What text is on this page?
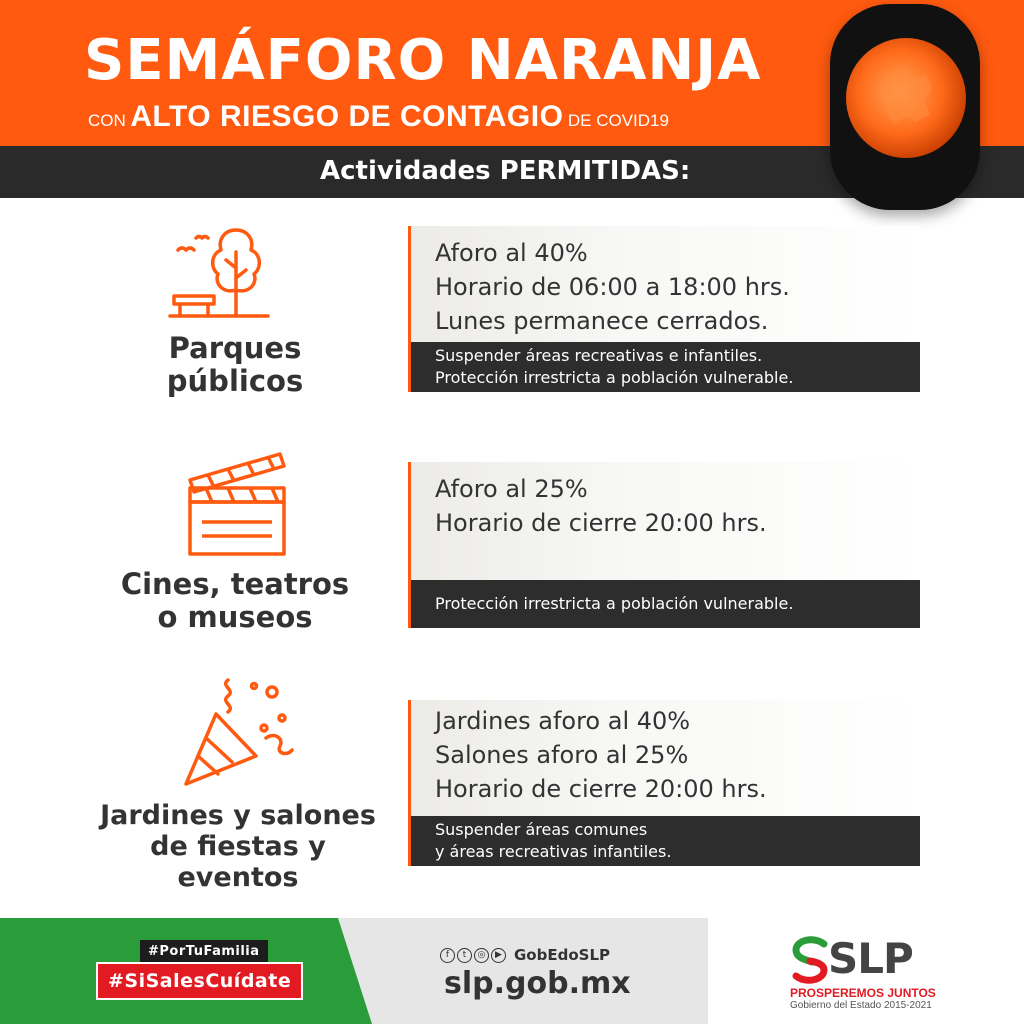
SEMÁFORO NARANJA
CON ALTO RIESGO DE CONTAGIO DE COVID19
Actividades PERMITIDAS:
Parques
públicos
Aforo al 40%
Horario de 06:00 a 18:00 hrs.
Lunes permanece cerrados.
Suspender áreas recreativas e infantiles.
Protección irrestricta a población vulnerable.
Cines, teatros
o museos
Aforo al 25%
Horario de cierre 20:00 hrs.
Protección irrestricta a población vulnerable.
Jardines y salones
de fiestas y eventos
Jardines aforo al 40%
Salones aforo al 25%
Horario de cierre 20:00 hrs.
Suspender áreas comunes
y áreas recreativas infantiles.
#PorTuFamilia
#SiSalesCuídate
f	t	◎	▶ GobEdoSLP
slp.gob.mx
SLP
PROSPEREMOS JUNTOS
Gobierno del Estado 2015-2021
